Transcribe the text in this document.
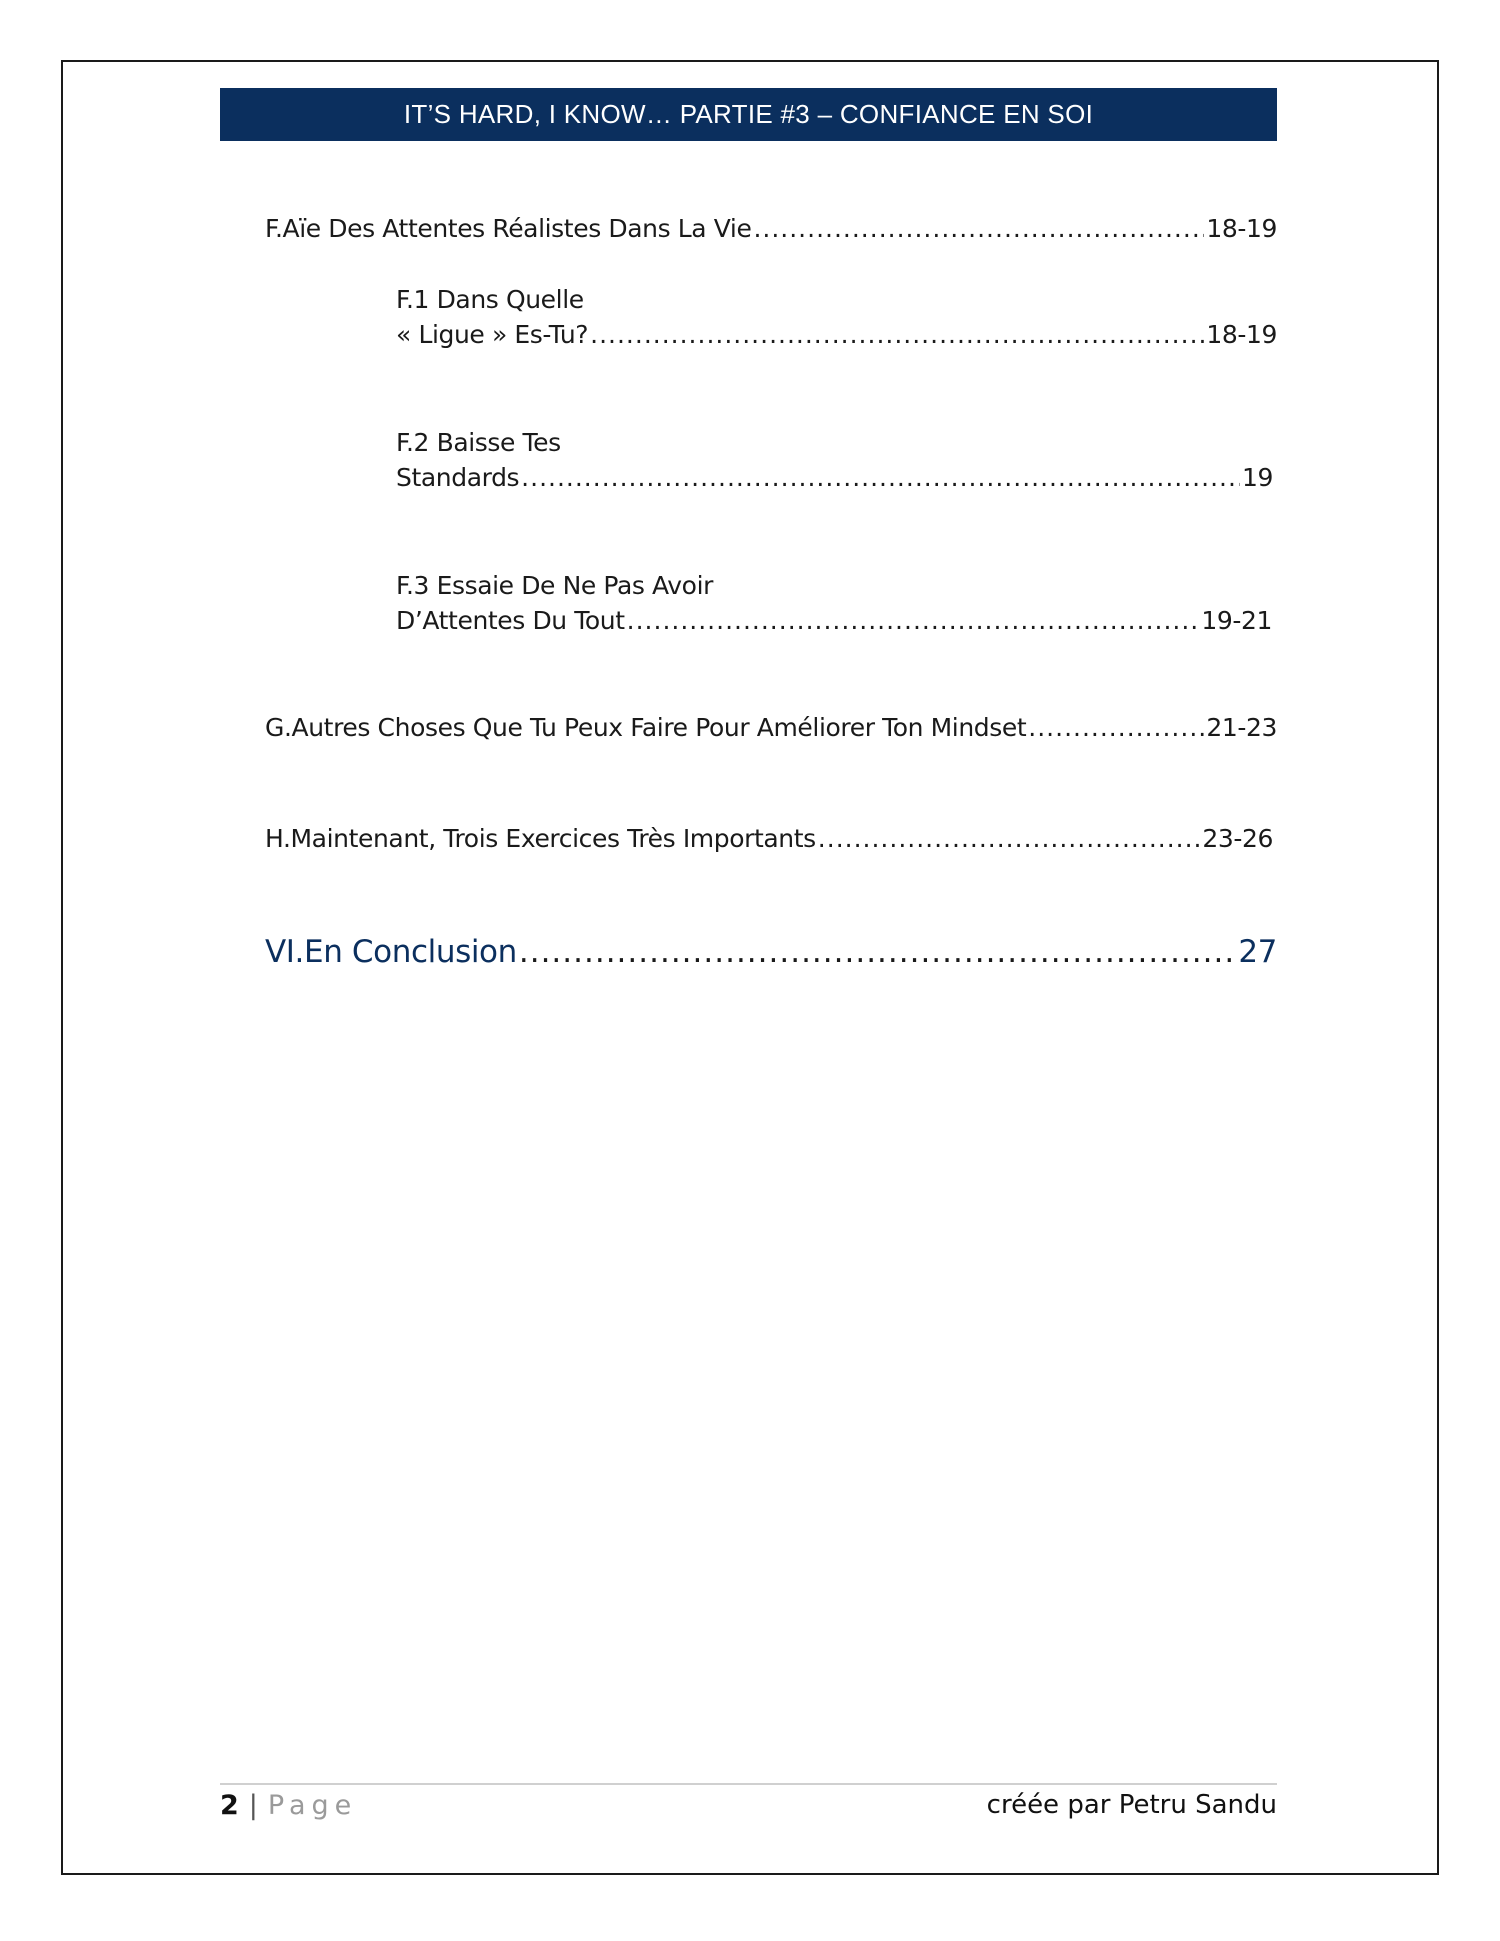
IT’S HARD, I KNOW… PARTIE #3 – CONFIANCE EN SOI
F. Aïe Des Attentes Réalistes Dans La Vie .....	18-19
F.1 Dans Quelle
« Ligue » Es-Tu? .....	18-19
F.2 Baisse Tes
Standards .....	19
F.3 Essaie De Ne Pas Avoir
D’Attentes Du Tout .....	19-21
G. Autres Choses Que Tu Peux Faire Pour Améliorer Ton Mindset .....	21-23
H. Maintenant, Trois Exercices Très Importants .....	23-26
VI. En Conclusion .....	27
2 | Page	créée par Petru Sandu
